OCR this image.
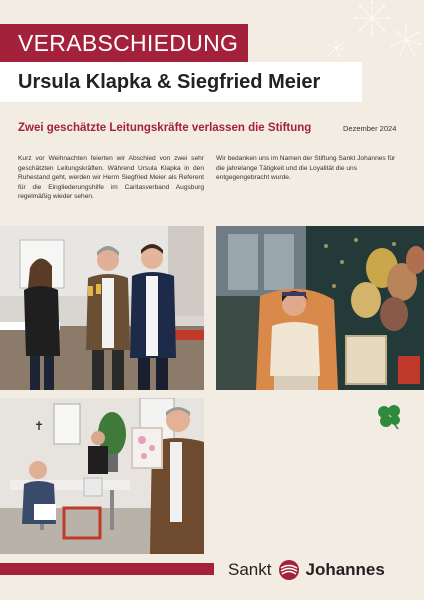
VERABSCHIEDUNG
Ursula Klapka & Siegfried Meier
Zwei geschätzte Leitungskräfte verlassen die Stiftung	Dezember 2024
Kurz vor Weihnachten feierten wir Abschied von zwei sehr geschätzten Leitungskräften. Während Ursula Klapka in den Ruhestand geht, werden wir Herrn Siegfried Meier als Referent für die Eingliederungshilfe im Caritasverband Augsburg regelmäßig wieder sehen.
Wir bedanken uns im Namen der Stiftung Sankt Johannes für die jahrelange Tätigkeit und die Loyalität die uns entgegengebracht wurde.
✝
Sankt Johannes
